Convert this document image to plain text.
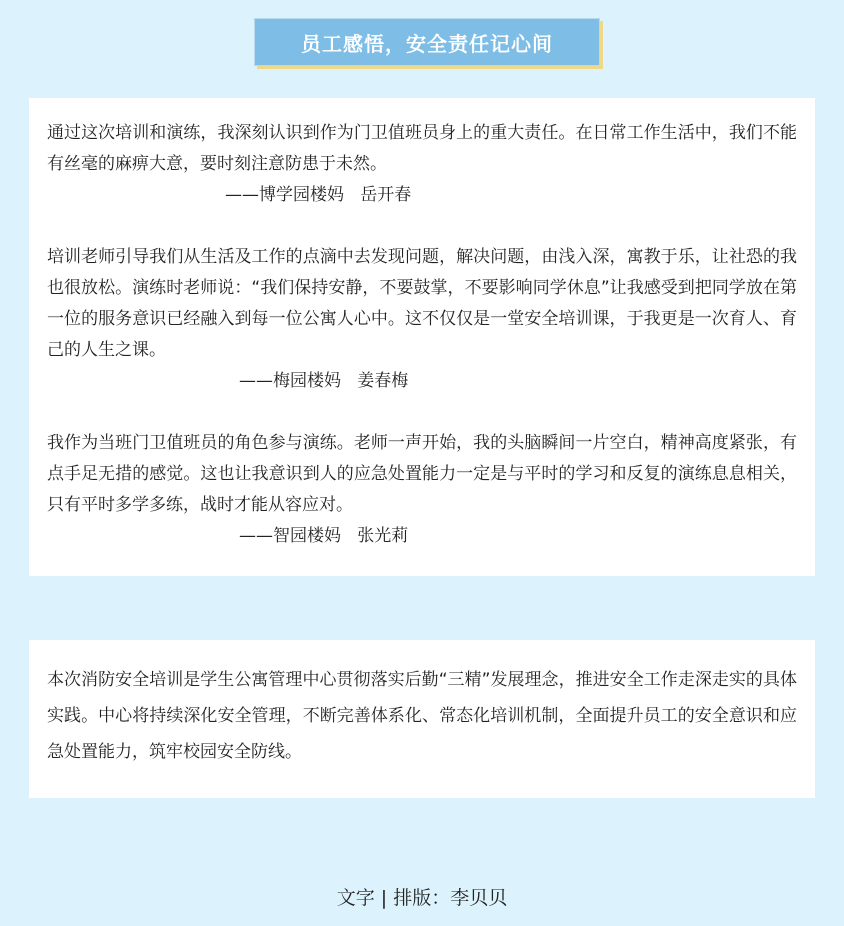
员工感悟，安全责任记心间

通过这次培训和演练，我深刻认识到作为门卫值班员身上的重大责任。在日常工作生活中，我们不能有丝毫的麻痹大意，要时刻注意防患于未然。

——博学园楼妈   岳开春

培训老师引导我们从生活及工作的点滴中去发现问题，解决问题，由浅入深，寓教于乐，让社恐的我也很放松。演练时老师说：“我们保持安静，不要鼓掌，不要影响同学休息”让我感受到把同学放在第一位的服务意识已经融入到每一位公寓人心中。这不仅仅是一堂安全培训课，于我更是一次育人、育己的人生之课。

——梅园楼妈   姜春梅

我作为当班门卫值班员的角色参与演练。老师一声开始，我的头脑瞬间一片空白，精神高度紧张，有点手足无措的感觉。这也让我意识到人的应急处置能力一定是与平时的学习和反复的演练息息相关，只有平时多学多练，战时才能从容应对。

——智园楼妈   张光莉

本次消防安全培训是学生公寓管理中心贯彻落实后勤“三精”发展理念，推进安全工作走深走实的具体实践。中心将持续深化安全管理，不断完善体系化、常态化培训机制，全面提升员工的安全意识和应急处置能力，筑牢校园安全防线。

文字 | 排版：李贝贝
